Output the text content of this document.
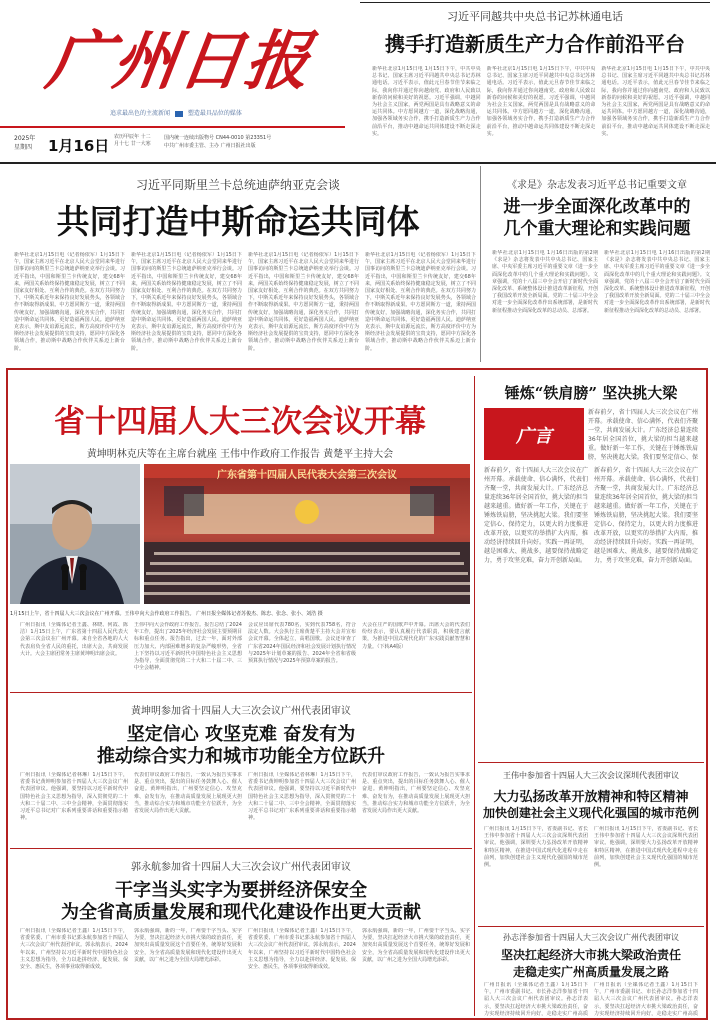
广州日报
追求最出色的主流新闻	塑造最具品位的媒体
2025年
星期四 1月16日 农历甲辰年 十二月十七 廿一大寒
国内统一连续出版物号 CN44-0010 第23351号
中共广州市委主管、主办 广州日报社出版
习近平同越共中央总书记苏林通电话
携手打造新质生产力合作前沿平台
新华社北京1月15日电 1月15日下午，中共中央总书记、国家主席习近平同越共中央总书记苏林通电话。习近平表示，值此元旦春节佳节来临之际，我向你并通过你向越南党、政府和人民致以新春的问候和美好的祝愿。习近平强调，中越同为社会主义国家，两党两国是具有战略意义的命运共同体。中方愿同越方一道，深化战略沟通，加强各领域务实合作，携手打造新质生产力合作前沿平台，推动中越命运共同体建设不断走深走实。
新华社北京1月15日电 1月15日下午，中共中央总书记、国家主席习近平同越共中央总书记苏林通电话。习近平表示，值此元旦春节佳节来临之际，我向你并通过你向越南党、政府和人民致以新春的问候和美好的祝愿。习近平强调，中越同为社会主义国家，两党两国是具有战略意义的命运共同体。中方愿同越方一道，深化战略沟通，加强各领域务实合作，携手打造新质生产力合作前沿平台，推动中越命运共同体建设不断走深走实。
新华社北京1月15日电 1月15日下午，中共中央总书记、国家主席习近平同越共中央总书记苏林通电话。习近平表示，值此元旦春节佳节来临之际，我向你并通过你向越南党、政府和人民致以新春的问候和美好的祝愿。习近平强调，中越同为社会主义国家，两党两国是具有战略意义的命运共同体。中方愿同越方一道，深化战略沟通，加强各领域务实合作，携手打造新质生产力合作前沿平台，推动中越命运共同体建设不断走深走实。
习近平同斯里兰卡总统迪萨纳亚克会谈
共同打造中斯命运共同体
新华社北京1月15日电（记者杨依军）1月15日下午，国家主席习近平在北京人民大会堂同来华进行国事访问的斯里兰卡总统迪萨纳亚克举行会谈。习近平指出，中国和斯里兰卡传统友好，建交68年来，两国关系始终保持健康稳定发展，树立了不同国家友好相处、互利合作的典范。在双方共同努力下，中斯关系近年来保持良好发展势头，各领域合作不断取得新成果。中方愿同斯方一道，秉持两国传统友好，加强战略沟通，深化务实合作，共同打造中斯命运共同体，更好造福两国人民。迪萨纳亚克表示，斯中友谊源远流长，斯方高度评价中方为斯经济社会发展提供的宝贵支持，愿同中方深化各领域合作，推动斯中战略合作伙伴关系迈上新台阶。
新华社北京1月15日电（记者杨依军）1月15日下午，国家主席习近平在北京人民大会堂同来华进行国事访问的斯里兰卡总统迪萨纳亚克举行会谈。习近平指出，中国和斯里兰卡传统友好，建交68年来，两国关系始终保持健康稳定发展，树立了不同国家友好相处、互利合作的典范。在双方共同努力下，中斯关系近年来保持良好发展势头，各领域合作不断取得新成果。中方愿同斯方一道，秉持两国传统友好，加强战略沟通，深化务实合作，共同打造中斯命运共同体，更好造福两国人民。迪萨纳亚克表示，斯中友谊源远流长，斯方高度评价中方为斯经济社会发展提供的宝贵支持，愿同中方深化各领域合作，推动斯中战略合作伙伴关系迈上新台阶。
新华社北京1月15日电（记者杨依军）1月15日下午，国家主席习近平在北京人民大会堂同来华进行国事访问的斯里兰卡总统迪萨纳亚克举行会谈。习近平指出，中国和斯里兰卡传统友好，建交68年来，两国关系始终保持健康稳定发展，树立了不同国家友好相处、互利合作的典范。在双方共同努力下，中斯关系近年来保持良好发展势头，各领域合作不断取得新成果。中方愿同斯方一道，秉持两国传统友好，加强战略沟通，深化务实合作，共同打造中斯命运共同体，更好造福两国人民。迪萨纳亚克表示，斯中友谊源远流长，斯方高度评价中方为斯经济社会发展提供的宝贵支持，愿同中方深化各领域合作，推动斯中战略合作伙伴关系迈上新台阶。
新华社北京1月15日电（记者杨依军）1月15日下午，国家主席习近平在北京人民大会堂同来华进行国事访问的斯里兰卡总统迪萨纳亚克举行会谈。习近平指出，中国和斯里兰卡传统友好，建交68年来，两国关系始终保持健康稳定发展，树立了不同国家友好相处、互利合作的典范。在双方共同努力下，中斯关系近年来保持良好发展势头，各领域合作不断取得新成果。中方愿同斯方一道，秉持两国传统友好，加强战略沟通，深化务实合作，共同打造中斯命运共同体，更好造福两国人民。迪萨纳亚克表示，斯中友谊源远流长，斯方高度评价中方为斯经济社会发展提供的宝贵支持，愿同中方深化各领域合作，推动斯中战略合作伙伴关系迈上新台阶。
《求是》杂志发表习近平总书记重要文章
进一步全面深化改革中的
几个重大理论和实践问题
新华社北京1月15日电 1月16日出版的第2期《求是》杂志将发表中共中央总书记、国家主席、中央军委主席习近平的重要文章《进一步全面深化改革中的几个重大理论和实践问题》。文章强调，党的十八届三中全会开启了新时代全面深化改革、系统整体设计推进改革新征程，开创了我国改革开放全新局面。党的二十届三中全会对进一步全面深化改革作出系统部署，是新时代新征程推动全面深化改革的总动员、总部署。
新华社北京1月15日电 1月16日出版的第2期《求是》杂志将发表中共中央总书记、国家主席、中央军委主席习近平的重要文章《进一步全面深化改革中的几个重大理论和实践问题》。文章强调，党的十八届三中全会开启了新时代全面深化改革、系统整体设计推进改革新征程，开创了我国改革开放全新局面。党的二十届三中全会对进一步全面深化改革作出系统部署，是新时代新征程推动全面深化改革的总动员、总部署。
省十四届人大三次会议开幕
黄坤明林克庆等在主席台就座 王伟中作政府工作报告 黄楚平主持大会
广东省第十四届人民代表大会第三次会议
1月15日上午，省十四届人大三次会议在广州开幕。王伟中向大会作政府工作报告。 广州日报全媒体记者苏俊杰、陈忠、张念、张小、刘浩 摄
广州日报讯（全媒体记者王鑫、林晓、何霞、陈洁）1月15日上午，广东省第十四届人民代表大会第三次会议在广州开幕。来自全省各地的人大代表肩负全省人民的重托，出席大会，共商发展大计。大会主席团常务主席黄坤明出席会议。
王伟中向大会作政府工作报告。报告总结了2024年工作，提出了2025年经济社会发展主要预期目标和重点任务。报告指出，过去一年，面对外部压力加大、内部困难增多的复杂严峻形势，全省上下坚持以习近平新时代中国特色社会主义思想为指导，全面贯彻党的二十大和二十届二中、三中全会精神。
会议应出席代表780名，实到代表758名，符合法定人数。大会执行主席黄楚平主持大会并宣布会议开幕。全体起立，高唱国歌。会议还审查了广东省2024年国民经济和社会发展计划执行情况与2025年计划草案的报告、2024年全省和省级预算执行情况与2025年预算草案的报告。
大会在庄严的国歌声中开幕。出席大会的代表们纷纷表示，要认真履行代表职责，积极建言献策，为推进中国式现代化的广东实践贡献智慧和力量。（下转A4版）
锤炼“铁肩膀” 坚决挑大梁
广言
新春前夕，省十四届人大三次会议在广州开幕。承载使命、信心满怀，代表们齐聚一堂，共商发展大计。广东经济总量连续36年居全国首位，挑大梁的担当越来越重。做好新一年工作，关键在于锤炼铁肩膀，坚决挑起大梁。我们要坚定信心、保持定力，以更大的力度推进改革开放，以更实的举措扩大内需，推动经济持续回升向好。实践一再证明，越是困难大、挑战多，越要保持战略定力，勇于攻坚克难，奋力开创新局面。
新春前夕，省十四届人大三次会议在广州开幕。承载使命、信心满怀，代表们齐聚一堂，共商发展大计。广东经济总量连续36年居全国首位，挑大梁的担当越来越重。做好新一年工作，关键在于锤炼铁肩膀，坚决挑起大梁。我们要坚定信心、保持定力，以更大的力度推进改革开放，以更实的举措扩大内需，推动经济持续回升向好。实践一再证明，越是困难大、挑战多，越要保持战略定力，勇于攻坚克难，奋力开创新局面。
新春前夕，省十四届人大三次会议在广州开幕。承载使命、信心满怀，代表们齐聚一堂，共商发展大计。广东经济总量连续36年居全国首位，挑大梁的担当越来越重。做好新一年工作，关键在于锤炼铁肩膀，坚决挑起大梁。我们要坚定信心、保
黄坤明参加省十四届人大三次会议广州代表团审议
坚定信心 攻坚克难 奋发有为
推动综合实力和城市功能全方位跃升
广州日报讯（全媒体记者林琳）1月15日下午，省委书记黄坤明参加省十四届人大三次会议广州代表团审议。他强调，要坚持以习近平新时代中国特色社会主义思想为指导，深入贯彻党的二十大和二十届二中、三中全会精神，全面贯彻落实习近平总书记对广东系列重要讲话和重要指示精神。
代表们审议政府工作报告，一致认为报告实事求是、重点突出，提出的目标任务鼓舞人心、催人奋进。黄坤明指出，广州要坚定信心、攻坚克难、奋发有为，在推动高质量发展上展现更大担当，推动综合实力和城市功能全方位跃升，为全省发展大局作出更大贡献。
广州日报讯（全媒体记者林琳）1月15日下午，省委书记黄坤明参加省十四届人大三次会议广州代表团审议。他强调，要坚持以习近平新时代中国特色社会主义思想为指导，深入贯彻党的二十大和二十届二中、三中全会精神，全面贯彻落实习近平总书记对广东系列重要讲话和重要指示精神。
代表们审议政府工作报告，一致认为报告实事求是、重点突出，提出的目标任务鼓舞人心、催人奋进。黄坤明指出，广州要坚定信心、攻坚克难、奋发有为，在推动高质量发展上展现更大担当，推动综合实力和城市功能全方位跃升，为全省发展大局作出更大贡献。
郭永航参加省十四届人大三次会议广州代表团审议
干字当头实字为要拼经济保安全
为全省高质量发展和现代化建设作出更大贡献
广州日报讯（全媒体记者王鑫）1月15日下午，省委常委、广州市委书记郭永航参加省十四届人大三次会议广州代表团审议。郭永航表示，2024年以来，广州坚持以习近平新时代中国特色社会主义思想为指导，全力以赴拼经济、促发展、保安全、惠民生，各项事业取得新成效。
郭永航强调，新的一年，广州要干字当头、实字为要，坚决扛起经济大市挑大梁的政治责任，更加突出高质量发展这个首要任务，统筹好发展和安全，为全省高质量发展和现代化建设作出更大贡献，以广州之进为全国大局增光添彩。
广州日报讯（全媒体记者王鑫）1月15日下午，省委常委、广州市委书记郭永航参加省十四届人大三次会议广州代表团审议。郭永航表示，2024年以来，广州坚持以习近平新时代中国特色社会主义思想为指导，全力以赴拼经济、促发展、保安全、惠民生，各项事业取得新成效。
郭永航强调，新的一年，广州要干字当头、实字为要，坚决扛起经济大市挑大梁的政治责任，更加突出高质量发展这个首要任务，统筹好发展和安全，为全省高质量发展和现代化建设作出更大贡献，以广州之进为全国大局增光添彩。
王伟中参加省十四届人大三次会议深圳代表团审议
大力弘扬改革开放精神和特区精神
加快创建社会主义现代化强国的城市范例
广州日报讯 1月15日下午，省委副书记、省长王伟中参加省十四届人大三次会议深圳代表团审议。他强调，深圳要大力弘扬改革开放精神和特区精神，在推进中国式现代化进程中走在前列，加快创建社会主义现代化强国的城市范例。
广州日报讯 1月15日下午，省委副书记、省长王伟中参加省十四届人大三次会议深圳代表团审议。他强调，深圳要大力弘扬改革开放精神和特区精神，在推进中国式现代化进程中走在前列，加快创建社会主义现代化强国的城市范例。
孙志洋参加省十四届人大三次会议广州代表团审议
坚决扛起经济大市挑大梁政治责任
走稳走实广州高质量发展之路
广州日报讯（全媒体记者王鑫）1月15日下午，广州市委副书记、市长孙志洋参加省十四届人大三次会议广州代表团审议。孙志洋表示，要坚决扛起经济大市挑大梁政治责任，奋力实现经济持续回升向好，走稳走实广州高质
广州日报讯（全媒体记者王鑫）1月15日下午，广州市委副书记、市长孙志洋参加省十四届人大三次会议广州代表团审议。孙志洋表示，要坚决扛起经济大市挑大梁政治责任，奋力实现经济持续回升向好，走稳走实广州高质
